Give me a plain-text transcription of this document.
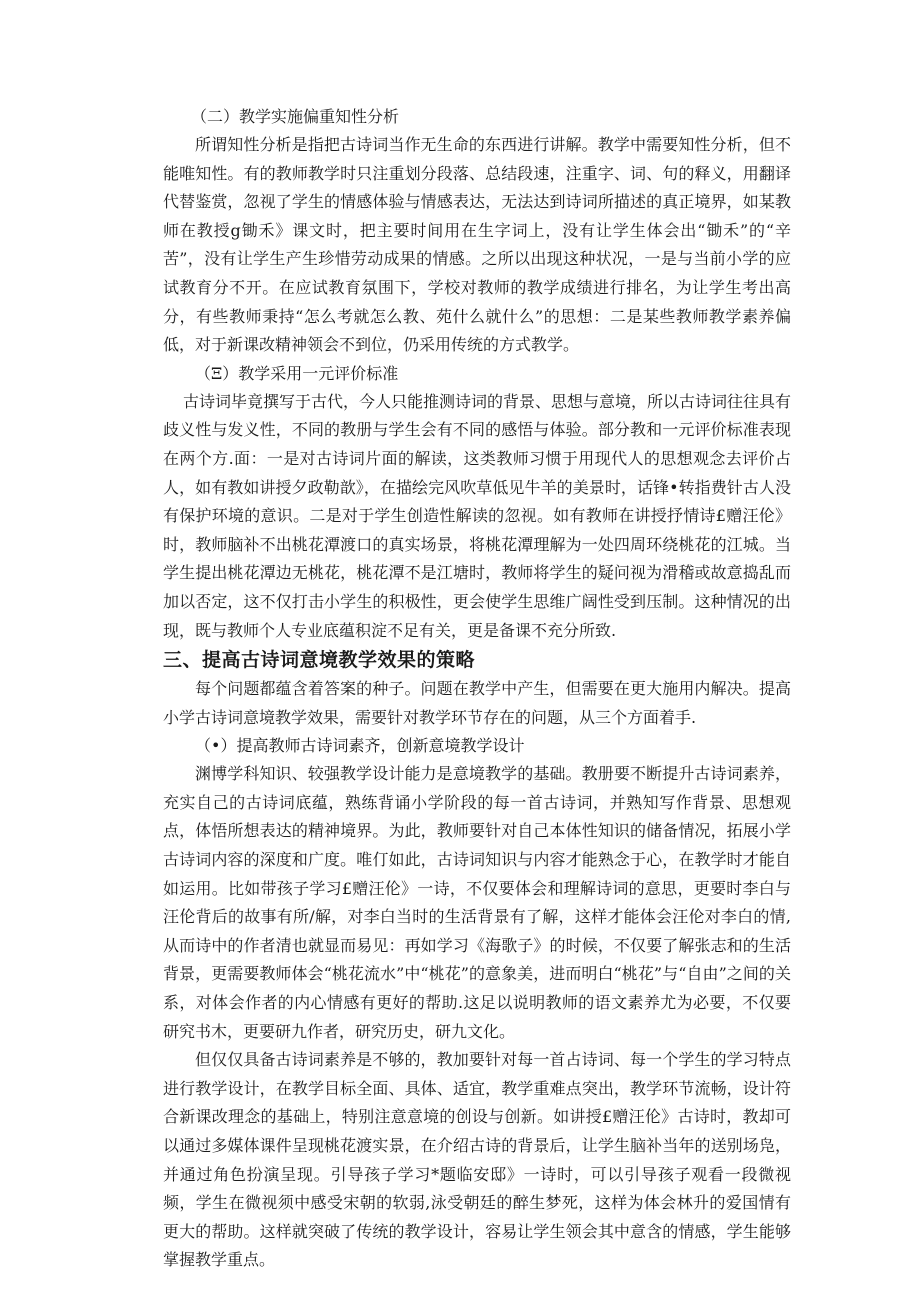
（二）教学实施偏重知性分析

所谓知性分析是指把古诗词当作无生命的东西进行讲解。教学中需要知性分析，但不能唯知性。有的教师教学时只注重划分段落、总结段速，注重字、词、句的释义，用翻译代替鉴赏，忽视了学生的情感体验与情感表达，无法达到诗词所描述的真正境界，如某教师在教授g锄禾》课文时，把主要时间用在生字词上，没有让学生体会出“锄禾”的“辛苦”，没有让学生产生珍惜劳动成果的情感。之所以出现这种状况，一是与当前小学的应试教育分不开。在应试教育氛围下，学校对教师的教学成绩进行排名，为让学生考出高分，有些教师秉持“怎么考就怎么教、苑什么就什么”的思想：二是某些教师教学素养偏低，对于新课改精神领会不到位，仍采用传统的方式教学。

（Ξ）教学采用一元评价标准

古诗词毕竟撰写于古代，今人只能推测诗词的背景、思想与意境，所以古诗词往往具有歧义性与发义性，不同的教册与学生会有不同的感悟与体验。部分教和一元评价标准表现在两个方.面：一是对古诗词片面的解读，这类教师习惯于用现代人的思想观念去评价占人，如有教如讲授夕政勒歆》，在描绘完风吹草低见牛羊的美景时，话锋•转指费针古人没有保护环境的意识。二是对于学生创造性解读的忽视。如有教师在讲授抒情诗£赠汪伦》时，教师脑补不出桃花潭渡口的真实场景，将桃花潭理解为一处四周环绕桃花的江城。当学生提出桃花潭边无桃花，桃花潭不是江塘时，教师将学生的疑问视为滑稽或故意捣乱而加以否定，这不仅打击小学生的积极性，更会使学生思维广阔性受到压制。这种情况的出现，既与教师个人专业底蕴积淀不足有关，更是备课不充分所致.

三、提高古诗词意境教学效果的策略

每个问题都蕴含着答案的种子。问题在教学中产生，但需要在更大施用内解决。提高小学古诗词意境教学效果，需要针对教学环节存在的问题，从三个方面着手.

（•）提高教师古诗词素齐，创新意境教学设计

渊博学科知识、较强教学设计能力是意境教学的基础。教册要不断提升古诗词素养，充实自己的古诗词底蕴，熟练背诵小学阶段的每一首古诗词，并熟知写作背景、思想观点，体悟所想表达的精神境界。为此，教师要针对自己本体性知识的储备情况，拓展小学古诗词内容的深度和广度。唯仃如此，古诗词知识与内容才能熟念于心，在教学时才能自如运用。比如带孩子学习£赠汪伦》一诗，不仅要体会和理解诗词的意思，更要时李白与汪伦背后的故事有所/解，对李白当时的生活背景有了解，这样才能体会汪伦对李白的情,从而诗中的作者清也就显而易见：再如学习《海歌子》的时候，不仅要了解张志和的生活背景，更需要教师体会“桃花流水”中“桃花”的意象美，进而明白“桃花”与“自由”之间的关系，对体会作者的内心情感有更好的帮助.这足以说明教师的语文素养尤为必要，不仅要研究书木，更要研九作者，研究历史，研九文化。

但仅仅具备古诗词素养是不够的，教加要针对每一首占诗词、每一个学生的学习特点进行教学设计，在教学目标全面、具体、适宜，教学重难点突出，教学环节流畅，设计符合新课改理念的基础上，特别注意意境的创设与创新。如讲授£赠汪伦》古诗时，教却可以通过多媒体课件呈现桃花渡实景，在介绍古诗的背景后，让学生脑补当年的送别场凫，并通过角色扮演呈现。引导孩子学习*题临安邸》一诗时，可以引导孩子观看一段微视频，学生在微视须中感受宋朝的软弱,泳受朝廷的醉生梦死，这样为体会林升的爱国情有更大的帮助。这样就突破了传统的教学设计，容易让学生领会其中意含的情感，学生能够掌握教学重点。
